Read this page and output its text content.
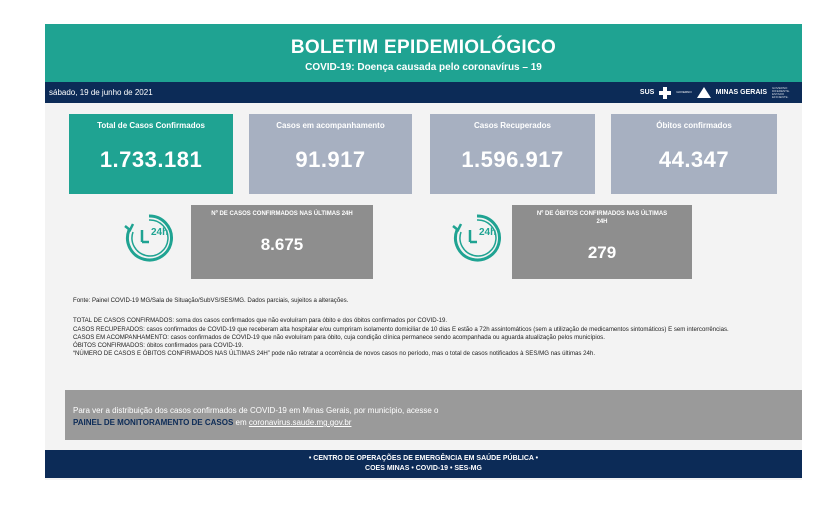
BOLETIM EPIDEMIOLÓGICO
COVID-19: Doença causada pelo coronavírus – 19
sábado, 19 de junho de 2021	SUS	GOVERNO	MINAS GERAIS
GOVERNO DIFERENTE. ESTADO EFICIENTE.
Total de Casos Confirmados
1.733.181
Casos em acompanhamento
91.917
Casos Recuperados
1.596.917
Óbitos confirmados
44.347
24h
Nº DE CASOS CONFIRMADOS NAS ÚLTIMAS 24H
8.675
24h
Nº DE ÓBITOS CONFIRMADOS NAS ÚLTIMAS 24H
279
Fonte: Painel COVID-19 MG/Sala de Situação/SubVS/SES/MG. Dados parciais, sujeitos a alterações.
TOTAL DE CASOS CONFIRMADOS: soma dos casos confirmados que não evoluíram para óbito e dos óbitos confirmados por COVID-19.
CASOS RECUPERADOS: casos confirmados de COVID-19 que receberam alta hospitalar e/ou cumpriram isolamento domiciliar de 10 dias E estão a 72h assintomáticos (sem a utilização de medicamentos sintomáticos) E sem intercorrências.
CASOS EM ACOMPANHAMENTO: casos confirmados de COVID-19 que não evoluíram para óbito, cuja condição clínica permanece sendo acompanhada ou aguarda atualização pelos municípios.
ÓBITOS CONFIRMADOS: óbitos confirmados para COVID-19.
“NÚMERO DE CASOS E ÓBITOS CONFIRMADOS NAS ÚLTIMAS 24H” pode não retratar a ocorrência de novos casos no período, mas o total de casos notificados à SES/MG nas últimas 24h.
Para ver a distribuição dos casos confirmados de COVID-19 em Minas Gerais, por município, acesse o
PAINEL DE MONITORAMENTO DE CASOS em coronavirus.saude.mg.gov.br
• CENTRO DE OPERAÇÕES DE EMERGÊNCIA EM SAÚDE PÚBLICA •
COES MINAS • COVID-19 • SES-MG
